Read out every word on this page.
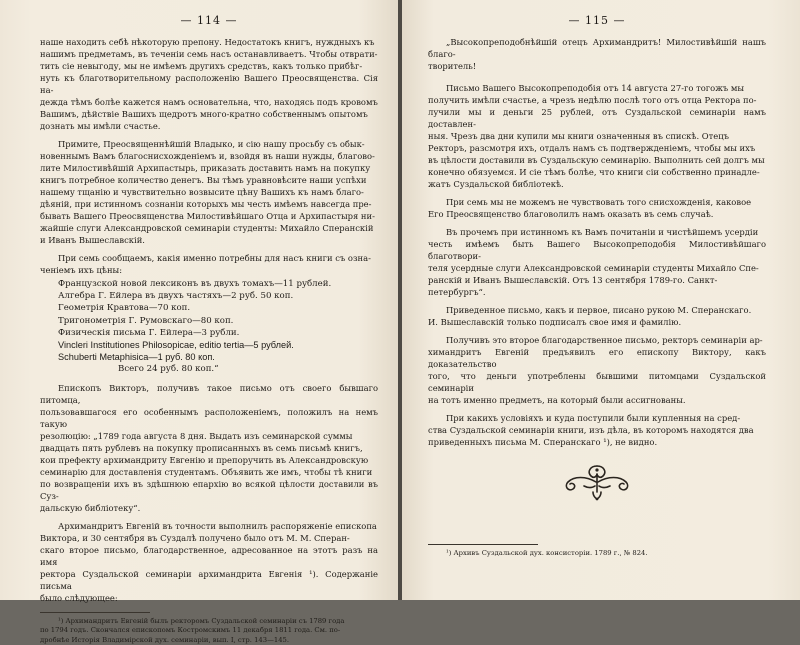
— 114 —
наше находить себѣ нѣкоторую препону. Недостатокъ книгъ, нуждныхъ къ
нашимъ предметамъ, въ теченіи семь насъ останавливаетъ. Чтобы отврати-
тить сіе невыгоду, мы не имѣемъ другихъ средствъ, какъ только прибѣг-
нуть къ благотворительному расположенію Вашего Преосвященства. Сія на-
дежда тѣмъ болѣе кажется намъ основательна, что, находясь подъ кровомъ
Вашимъ, дѣйствіе Вашихъ щедротъ много-кратно собственнымъ опытомъ
дознать мы имѣли счастье.
Примите, Преосвященнѣйшій Владыко, и сію нашу просьбу съ обык-
новеннымъ Вамъ благоснисхожденіемъ и, взойдя въ наши нужды, благово-
лите Милостивѣйшій Архипастырь, приказать доставить намъ на покупку
книгъ потребное количество денегъ. Вы тѣмъ уравновѣсите наши успѣхи
нашему тщанію и чувствительно возвысите цѣну Вашихъ къ намъ благо-
дѣяній, при истинномъ сознаніи которыхъ мы честь имѣемъ навсегда пре-
бывать Вашего Преосвященства Милостивѣйшаго Отца и Архипастыря ни-
жайшіе слуги Александровской семинаріи студенты: Михайло Сперанскій
и Иванъ Вышеславскій.
При семь сообщаемъ, какія именно потребны для насъ книги съ озна-
ченіемъ ихъ цѣны:
Французской новой лексиконъ въ двухъ томахъ—11 рублей.
Алгебра Г. Ейлера въ двухъ частяхъ—2 руб. 50 коп.
Геометрія Кравтова—70 коп.
Тригонометрія Г. Румовскаго—80 коп.
Физическія письма Г. Ейлера—3 рубли.
Vincleri Institutiones Philosopicae, editio tertia—5 рублей.
Schuberti Metaphisica—1 руб. 80 коп.
Всего 24 руб. 80 коп.“
Епископъ Викторъ, получивъ такое письмо отъ своего бывшаго питомца,
пользовавшагося его особеннымъ расположеніемъ, положилъ на немъ такую
резолюцію: „1789 года августа 8 дня. Выдать изъ семинарской суммы
двадцать пять рублевъ на покупку прописанныхъ въ семь письмѣ книгъ,
кои префекту архимандриту Евгенію и препоручить въ Александровскую
семинарію для доставленія студентамъ. Объявить же имъ, чтобы тѣ книги
по возвращеніи ихъ въ здѣшнюю епархію во всякой цѣлости доставили въ Суз-
дальскую библіотеку“.
Архимандритъ Евгеній въ точности выполнилъ распоряженіе епископа
Виктора, и 30 сентября въ Суздалѣ получено было отъ М. М. Сперан-
скаго второе письмо, благодарственное, адресованное на этотъ разъ на имя
ректора Суздальской семинаріи архимандрита Евгенія ¹). Содержаніе письма
было слѣдующее:
¹) Архимандритъ Евгеній былъ ректоромъ Суздальской семинаріи съ 1789 года
по 1794 годъ. Скончался епископомъ Костромскимъ 11 декабря 1811 года. См. по-
дробнѣе Исторія Владимірской дух. семинаріи, вып. І, стр. 143—145.
— 115 —
„Высокопреподобнѣйшій отецъ Архимандритъ! Милостивѣйшій нашъ благо-
творитель!
Письмо Вашего Высокопреподобія отъ 14 августа 27-го тогожъ мы
получить имѣли счастье, а чрезъ недѣлю послѣ того отъ отца Ректора по-
лучили мы и деньги 25 рублей, отъ Суздальской семинаріи намъ доставлен-
ныя. Чрезъ два дни купили мы книги означенныя въ спискѣ. Отецъ
Ректоръ, разсмотря ихъ, отдалъ намъ съ подтвержденіемъ, чтобы мы ихъ
въ цѣлости доставили въ Суздальскую семинарію. Выполнить сей долгъ мы
конечно обязуемся. И сіе тѣмъ болѣе, что книги сіи собственно принадле-
жатъ Суздальской библіотекѣ.
При семь мы не можемъ не чувствовать того снисхожденія, каковое
Его Преосвященство благоволилъ намъ оказать въ семь случаѣ.
Въ прочемъ при истинномъ къ Вамъ почитаніи и чистѣйшемъ усердіи
честь имѣемъ быть Вашего Высокопреподобія Милостивѣйшаго благотвори-
теля усердные слуги Александровской семинаріи студенты Михайло Спе-
ранскій и Иванъ Вышеславскій. Отъ 13 сентября 1789-го. Санкт-
петербургъ“.
Приведенное письмо, какъ и первое, писано рукою М. Сперанскаго.
И. Вышеславскій только подписалъ свое имя и фамилію.
Получивъ это второе благодарственное письмо, ректоръ семинаріи ар-
химандритъ Евгеній предъявилъ его епископу Виктору, какъ доказательство
того, что деньги употреблены бывшими питомцами Суздальской семинаріи
на тотъ именно предметъ, на который были ассигнованы.
При какихъ условіяхъ и куда поступили были купленныя на сред-
ства Суздальской семинаріи книги, изъ дѣла, въ которомъ находятся два
приведенныхъ письма М. Сперанскаго ¹), не видно.
¹) Архивъ Суздальской дух. консисторіи. 1789 г., № 824.
